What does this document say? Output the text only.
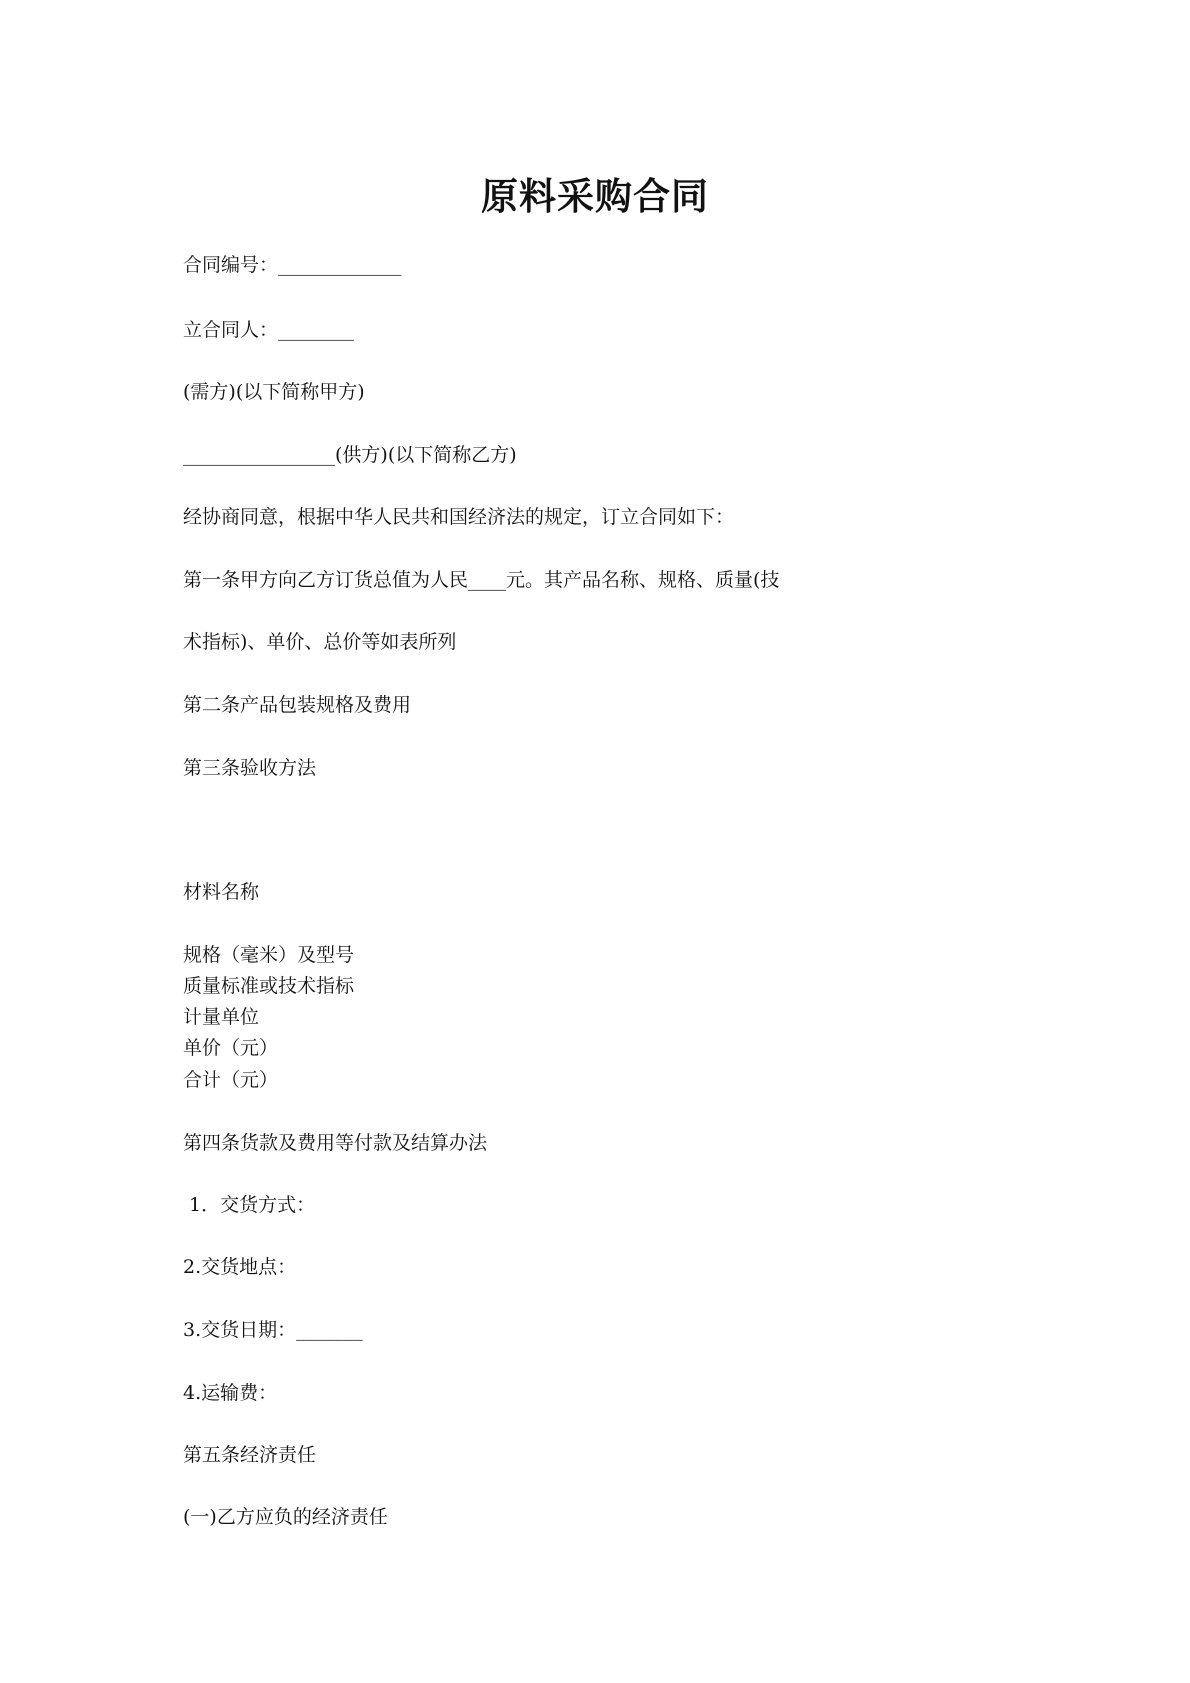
原料采购合同
合同编号：_____________
立合同人：________
(需方)(以下简称甲方)
________________(供方)(以下简称乙方)
经协商同意，根据中华人民共和国经济法的规定，订立合同如下：
第一条甲方向乙方订货总值为人民____元。其产品名称、规格、质量(技
术指标)、单价、总价等如表所列
第二条产品包装规格及费用
第三条验收方法
材料名称
规格（毫米）及型号
质量标准或技术指标
计量单位
单价（元）
合计（元）
第四条货款及费用等付款及结算办法
1．交货方式：
2.交货地点：
3.交货日期：_______
4.运输费：
第五条经济责任
(一)乙方应负的经济责任
